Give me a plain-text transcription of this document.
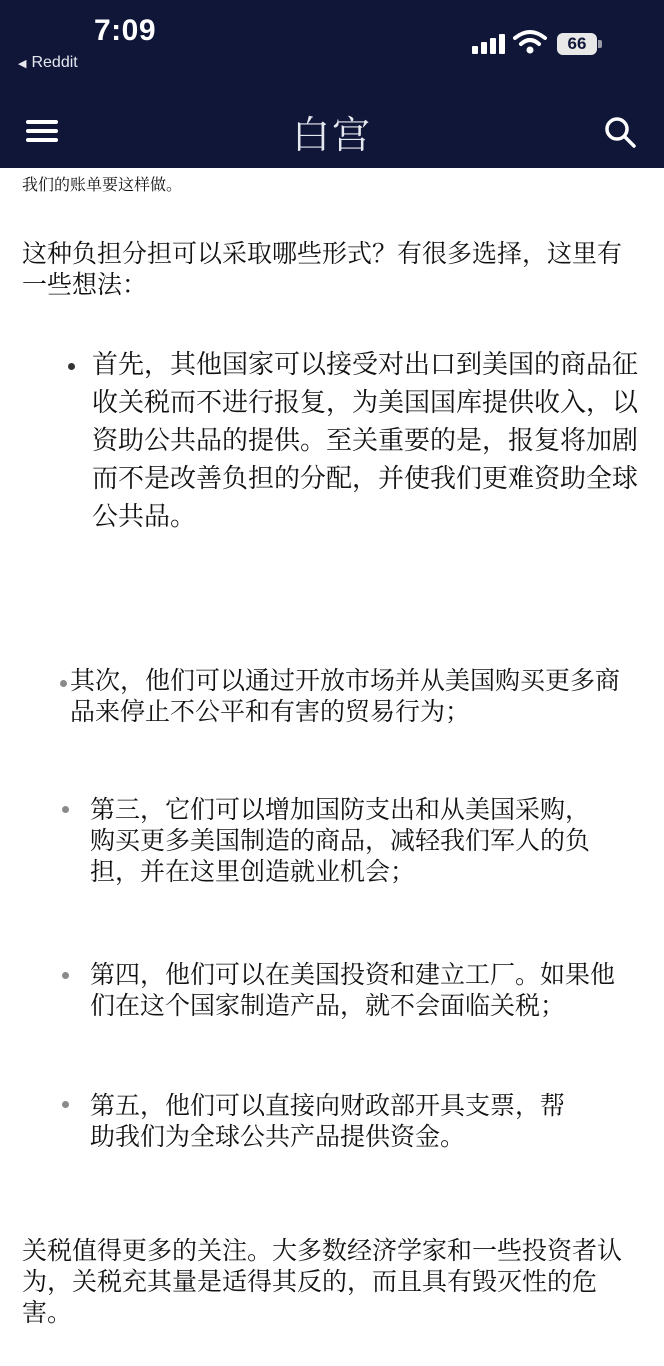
7:09
◀ Reddit
66
白宫
我们的账单要这样做。
这种负担分担可以采取哪些形式？有很多选择，这里有一些想法：
首先，其他国家可以接受对出口到美国的商品征收关税而不进行报复，为美国国库提供收入，以资助公共品的提供。至关重要的是，报复将加剧而不是改善负担的分配，并使我们更难资助全球公共品。
其次，他们可以通过开放市场并从美国购买更多商品来停止不公平和有害的贸易行为；
第三，它们可以增加国防支出和从美国采购，购买更多美国制造的商品，减轻我们军人的负担，并在这里创造就业机会；
第四，他们可以在美国投资和建立工厂。如果他们在这个国家制造产品，就不会面临关税；
第五，他们可以直接向财政部开具支票，帮助我们为全球公共产品提供资金。
关税值得更多的关注。大多数经济学家和一些投资者认为，关税充其量是适得其反的，而且具有毁灭性的危害。
